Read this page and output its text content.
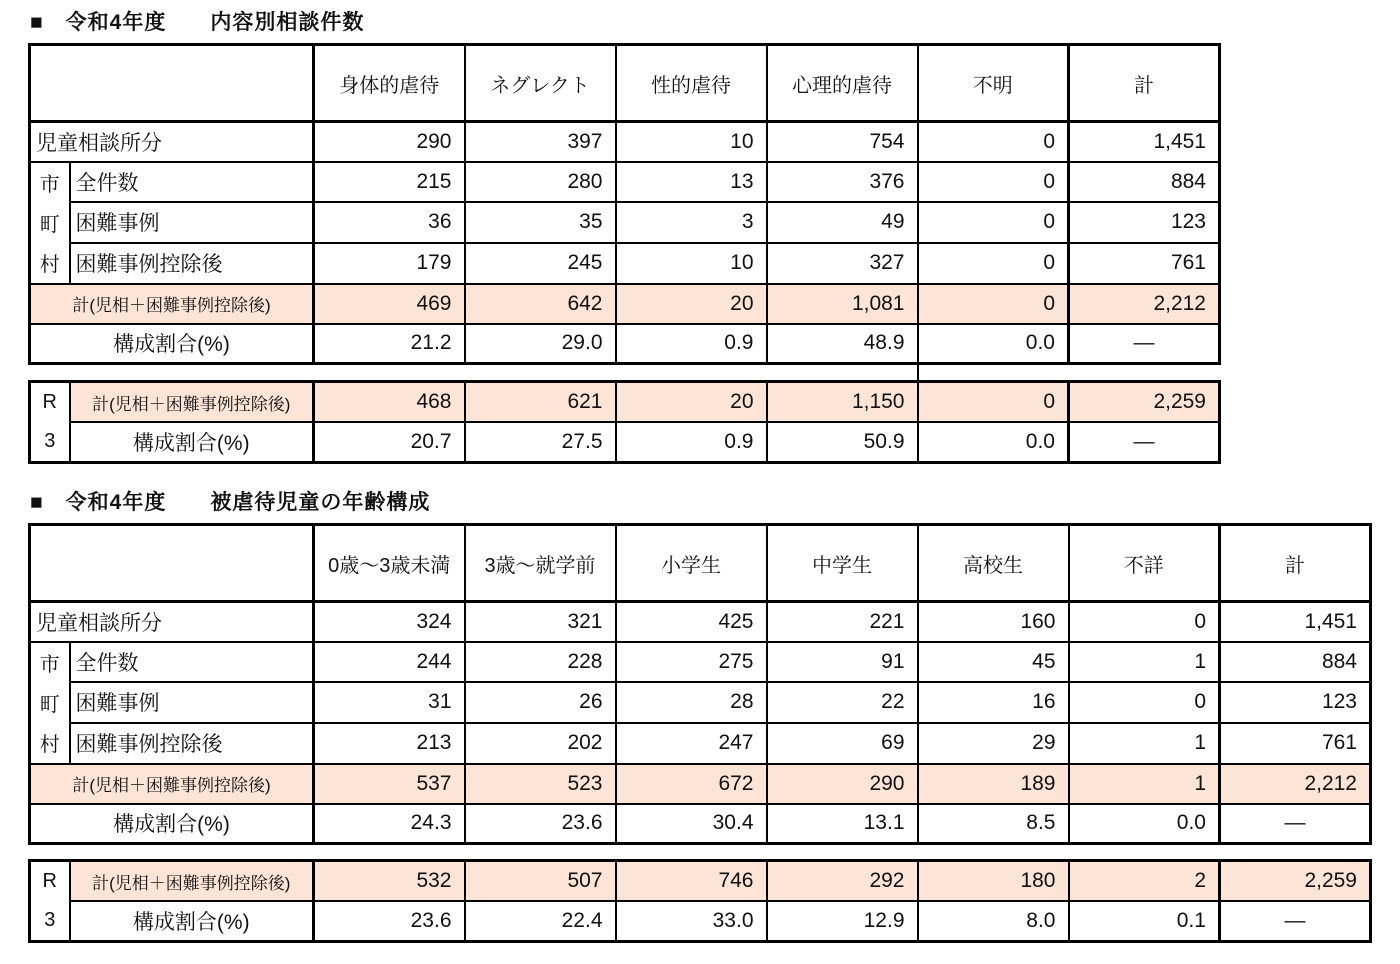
■　令和4年度　　内容別相談件数
		身体的虐待	ネグレクト	性的虐待	心理的虐待	不明	計
児童相談所分		290	397	10	754	0	1,451

市
町
村	全件数	215	280	13	376	0	884
	困難事例	36	35	3	49	0	123
	困難事例控除後	179	245	10	327	0	761
計(児相＋困難事例控除後)		469	642	20	1,081	0	2,212
構成割合(%)		21.2	29.0	0.9	48.9	0.0	―
R
3	計(児相＋困難事例控除後)	468	621	20	1,150	0	2,259
	構成割合(%)	20.7	27.5	0.9	50.9	0.0	―
■　令和4年度　　被虐待児童の年齢構成
		0歳～3歳未満	3歳～就学前	小学生	中学生	高校生	不詳	計
児童相談所分		324	321	425	221	160	0	1,451

市
町
村	全件数	244	228	275	91	45	1	884
	困難事例	31	26	28	22	16	0	123
	困難事例控除後	213	202	247	69	29	1	761
計(児相＋困難事例控除後)		537	523	672	290	189	1	2,212
構成割合(%)		24.3	23.6	30.4	13.1	8.5	0.0	―
R
3	計(児相＋困難事例控除後)	532	507	746	292	180	2	2,259
	構成割合(%)	23.6	22.4	33.0	12.9	8.0	0.1	―
